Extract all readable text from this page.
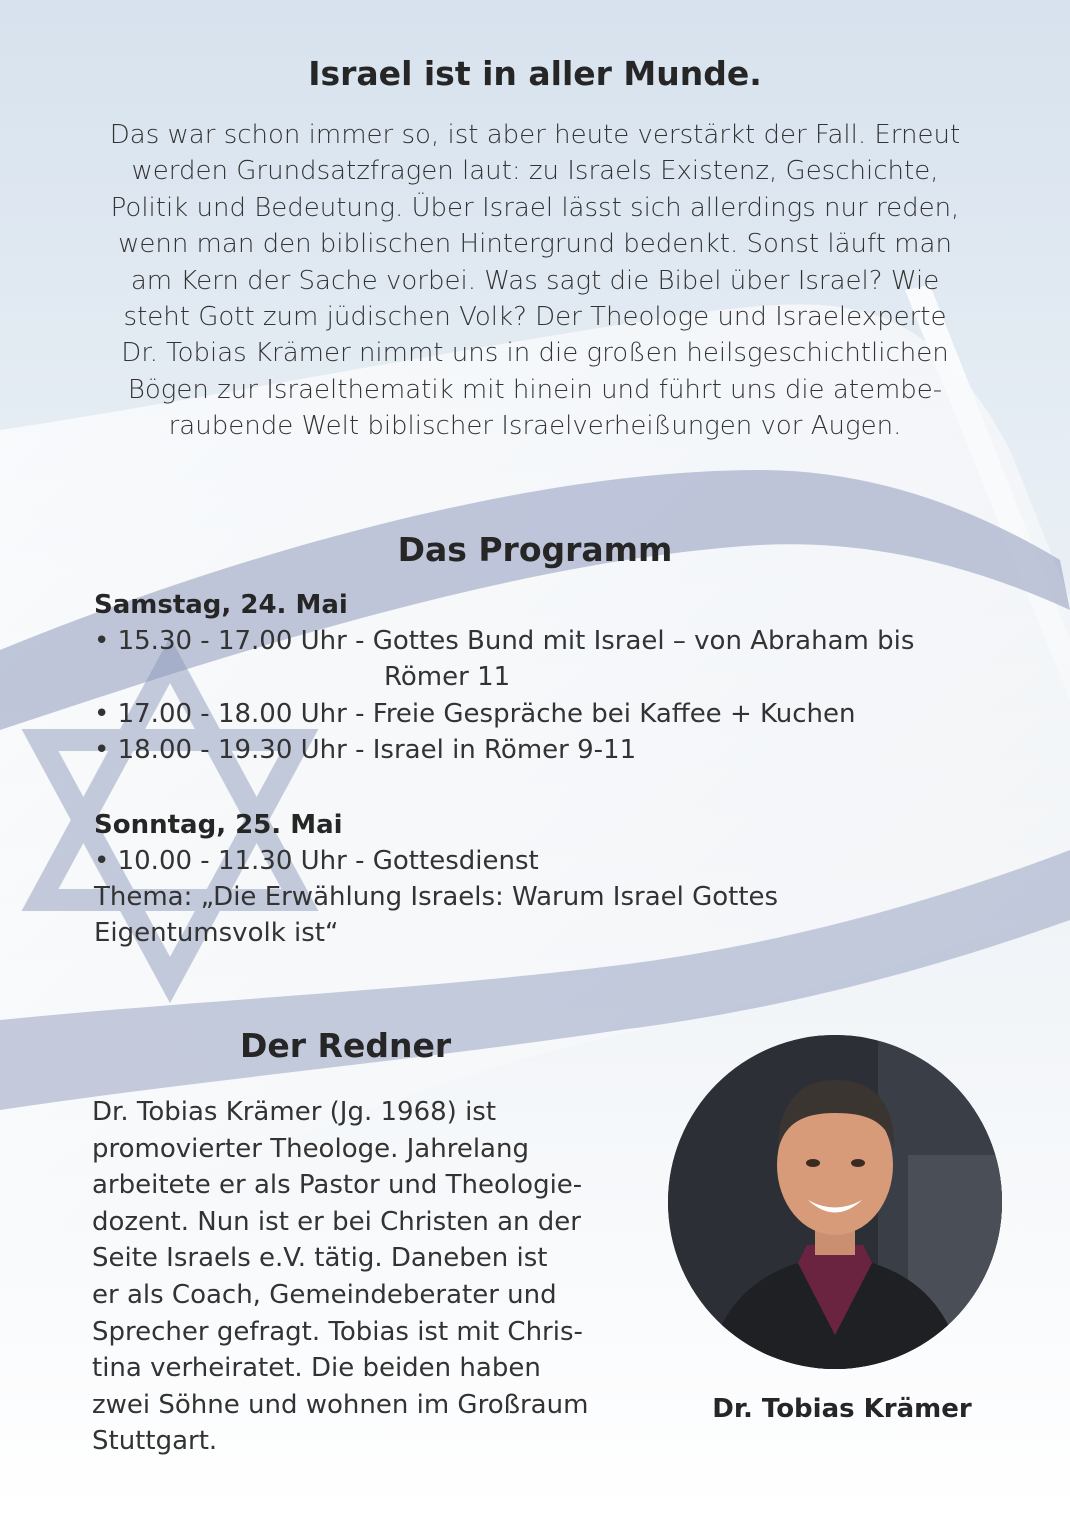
Israel ist in aller Munde.

Das war schon immer so, ist aber heute verstärkt der Fall. Erneut
werden Grundsatzfragen laut: zu Israels Existenz, Geschichte,
Politik und Bedeutung. Über Israel lässt sich allerdings nur reden,
wenn man den biblischen Hintergrund bedenkt. Sonst läuft man
am Kern der Sache vorbei. Was sagt die Bibel über Israel? Wie
steht Gott zum jüdischen Volk? Der Theologe und Israelexperte
Dr. Tobias Krämer nimmt uns in die großen heilsgeschichtlichen
Bögen zur Israelthematik mit hinein und führt uns die atembe-
raubende Welt biblischer Israelverheißungen vor Augen.

Das Programm

Samstag, 24. Mai

• 15.30 - 17.00 Uhr - Gottes Bund mit Israel – von Abraham bis

Römer 11

• 17.00 - 18.00 Uhr - Freie Gespräche bei Kaffee + Kuchen

• 18.00 - 19.30 Uhr - Israel in Römer 9-11

Sonntag, 25. Mai

• 10.00 - 11.30 Uhr - Gottesdienst

Thema: „Die Erwählung Israels: Warum Israel Gottes

Eigentumsvolk ist“

Der Redner

Dr. Tobias Krämer (Jg. 1968) ist
promovierter Theologe. Jahrelang
arbeitete er als Pastor und Theologie-
dozent. Nun ist er bei Christen an der
Seite Israels e.V. tätig. Daneben ist
er als Coach, Gemeindeberater und
Sprecher gefragt. Tobias ist mit Chris-
tina verheiratet. Die beiden haben
zwei Söhne und wohnen im Großraum
Stuttgart.

Dr. Tobias Krämer
